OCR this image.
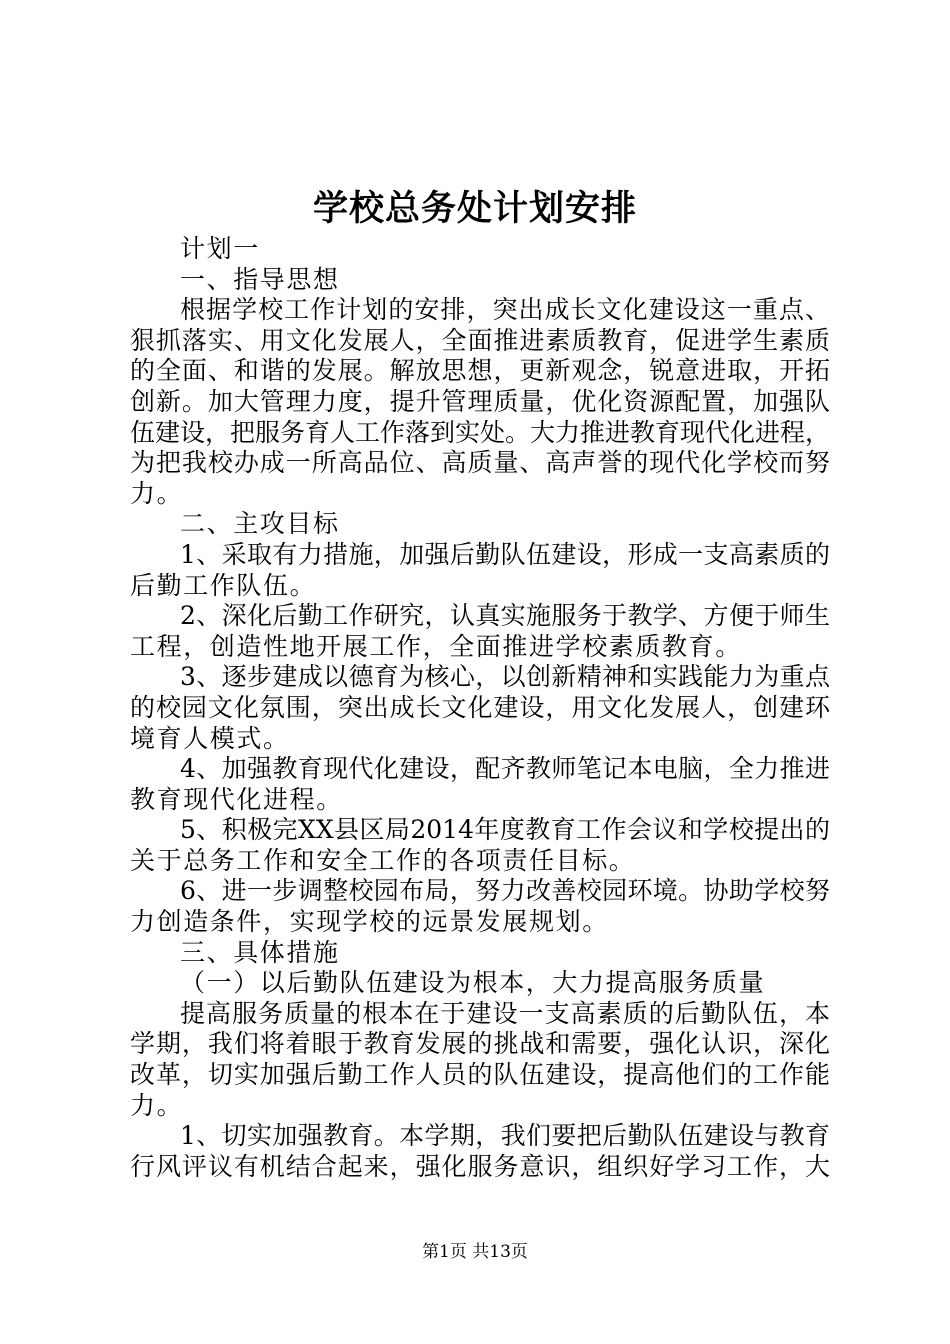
学校总务处计划安排

计划一

一、指导思想

根据学校工作计划的安排，突出成长文化建设这一重点、

狠抓落实、用文化发展人，全面推进素质教育，促进学生素质

的全面、和谐的发展。解放思想，更新观念，锐意进取，开拓

创新。加大管理力度，提升管理质量，优化资源配置，加强队

伍建设，把服务育人工作落到实处。大力推进教育现代化进程，

为把我校办成一所高品位、高质量、高声誉的现代化学校而努

力。

二、主攻目标

1、采取有力措施，加强后勤队伍建设，形成一支高素质的

后勤工作队伍。

2、深化后勤工作研究，认真实施服务于教学、方便于师生

工程，创造性地开展工作，全面推进学校素质教育。

3、逐步建成以德育为核心，以创新精神和实践能力为重点

的校园文化氛围，突出成长文化建设，用文化发展人，创建环

境育人模式。

4、加强教育现代化建设，配齐教师笔记本电脑，全力推进

教育现代化进程。

5、积极完XX县区局2014年度教育工作会议和学校提出的

关于总务工作和安全工作的各项责任目标。

6、进一步调整校园布局，努力改善校园环境。协助学校努

力创造条件，实现学校的远景发展规划。

三、具体措施

（一）以后勤队伍建设为根本，大力提高服务质量

提高服务质量的根本在于建设一支高素质的后勤队伍，本

学期，我们将着眼于教育发展的挑战和需要，强化认识，深化

改革，切实加强后勤工作人员的队伍建设，提高他们的工作能

力。

1、切实加强教育。本学期，我们要把后勤队伍建设与教育

行风评议有机结合起来，强化服务意识，组织好学习工作，大

第1页 共13页
